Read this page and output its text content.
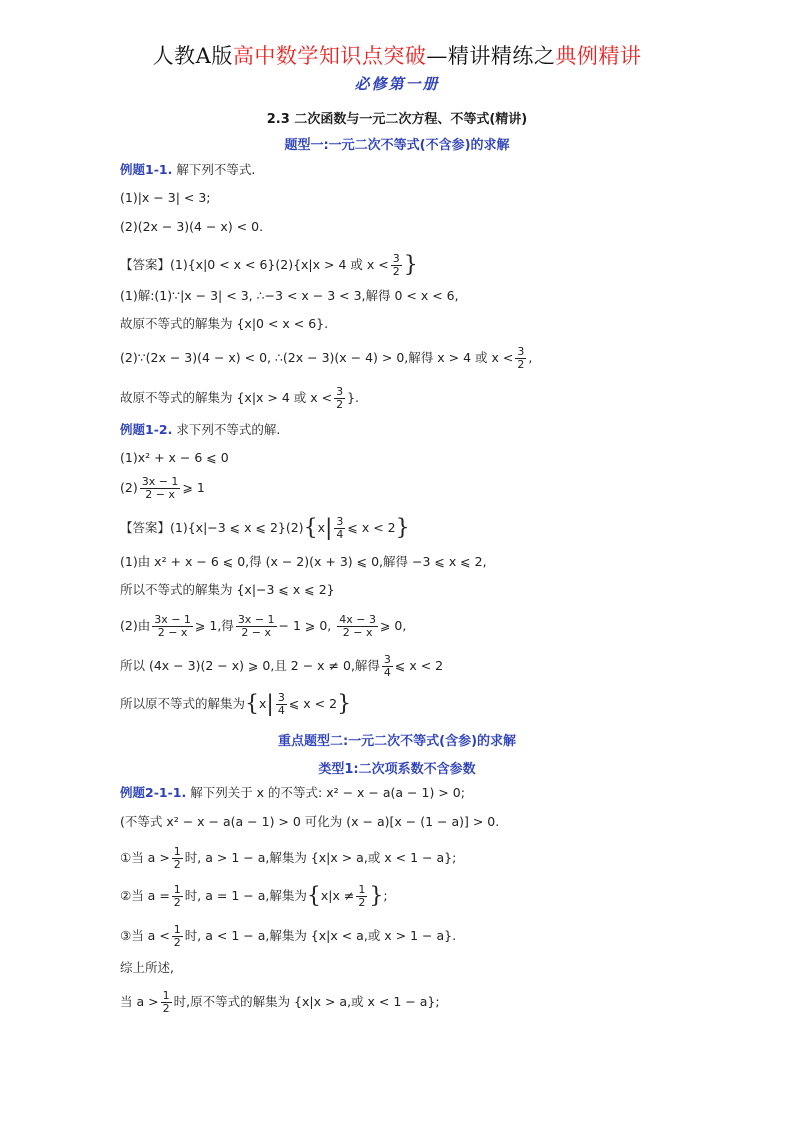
人教A版高中数学知识点突破—精讲精练之典例精讲
必修第一册
2.3 二次函数与一元二次方程、不等式(精讲)
题型一:一元二次不等式(不含参)的求解
例题1-1. 解下列不等式.
(1)|x − 3| < 3;
(2)(2x − 3)(4 − x) < 0.
【答案】(1){x|0 < x < 6}(2){x|x > 4 或 $x < \frac{3}{2}$ }
(1)解:(1)∵|x − 3| < 3, ∴−3 < x − 3 < 3,解得 0 < x < 6,
故原不等式的解集为 {x|0 < x < 6}.
(2)∵(2x − 3)(4 − x) < 0, ∴(2x − 3)(x − 4) > 0,解得 x > 4 或 $x < \frac{3}{2}$ ,
故原不等式的解集为 {x|x > 4 或 $x < \frac{3}{2}$ }.
例题1-2. 求下列不等式的解.
(1)x² + x − 6 ⩽ 0
$(2) \frac{3x - 1}{2 - x}$ ⩾ 1
【答案】(1){x|−3 ⩽ x ⩽ $2\}(2)\{x| \frac{3}{4}$ ⩽ x < 2}
(1)由 x² + x − 6 ⩽ 0,得 (x − 2)(x + 3) ⩽ 0,解得 −3 ⩽ x ⩽ 2,
所以不等式的解集为 {x|−3 ⩽ x ⩽ 2}
(2)由 $\frac{3x - 1}{2 - x}$ ⩾ 1,得 $\frac{3x - 1}{2 - x} - 1$ ⩾ 0, $\frac{4x - 3}{2 - x}$ ⩾ 0,
所以 (4x − 3)(2 − x) ⩾ 0,且 2 − x ≠ 0,解得 $\frac{3}{4}$ ⩽ x < 2
所以原不等式的解集为{$x| \frac{3}{4}$ ⩽ x < 2}
重点题型二:一元二次不等式(含参)的求解
类型1:二次项系数不含参数
例题2-1-1. 解下列关于 x 的不等式: x² − x − a(a − 1) > 0;
(不等式 x² − x − a(a − 1) > 0 可化为 (x − a)[x − (1 − a)] > 0.
①当 $a > \frac{1}{2}$ 时, a > 1 − a,解集为 {x|x > a,或 x < 1 − a};
②当 $a = \frac{1}{2}$ 时, a = 1 − a,解集为{$x|x \ne \frac{1}{2}$ };
③当 $a < \frac{1}{2}$ 时, a < 1 − a,解集为 {x|x < a,或 x > 1 − a}.
综上所述,
当 $a > \frac{1}{2}$ 时,原不等式的解集为 {x|x > a,或 x < 1 − a};
